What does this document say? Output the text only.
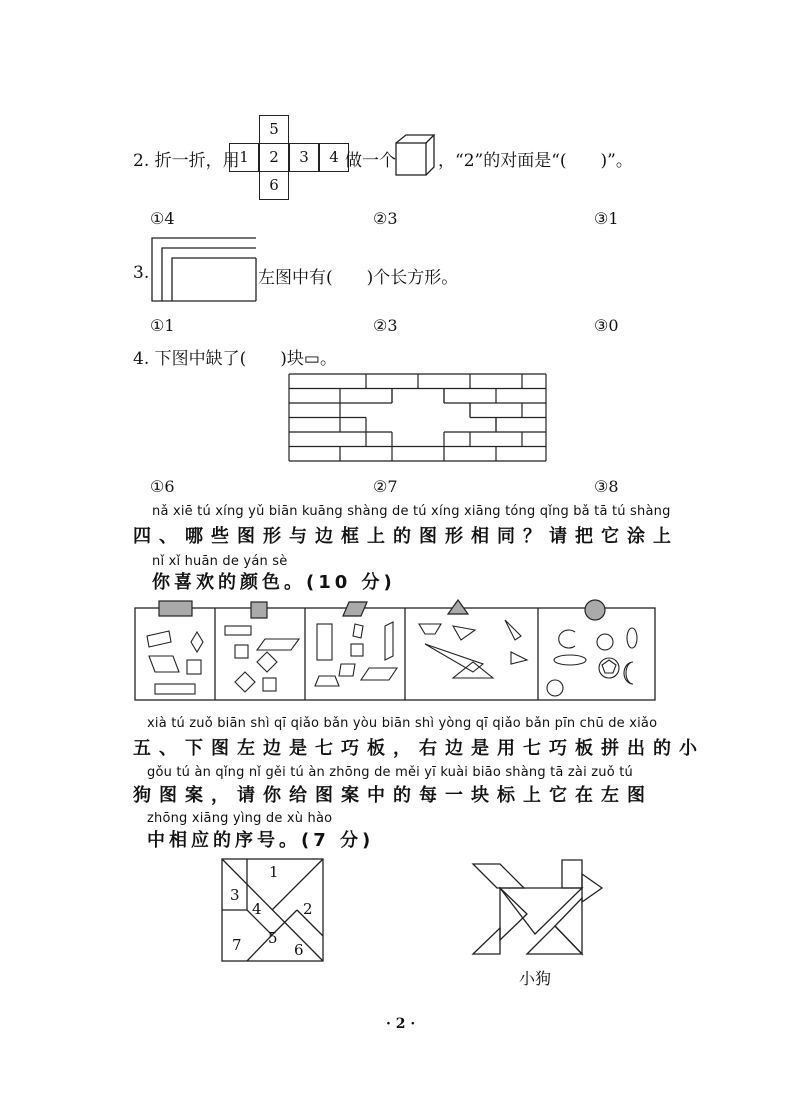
2. 折一折，用
5
1	2	3	4
6
做一个 ，“2”的对面是“(　　)”。
①4	②3	③1
3.	左图中有(　　)个长方形。
①1	②3	③0
4. 下图中缺了(　　)块▭。
①6	②7	③8
nǎ xiē tú xíng yǔ biān kuāng shàng de tú xíng xiāng tóng qǐng bǎ tā tú shàng
四、哪些图形与边框上的图形相同？请把它涂上
nǐ xǐ huān de yán sè
你喜欢的颜色。(10 分)
xià tú zuǒ biān shì qī qiǎo bǎn yòu biān shì yòng qī qiǎo bǎn pīn chū de xiǎo
五、下图左边是七巧板，右边是用七巧板拼出的小
gǒu tú àn qǐng nǐ gěi tú àn zhōng de měi yī kuài biāo shàng tā zài zuǒ tú
狗图案，请你给图案中的每一块标上它在左图
zhōng xiāng yìng de xù hào
中相应的序号。(7 分)
1
2
3
4
5
6
7
小狗
· 2 ·
